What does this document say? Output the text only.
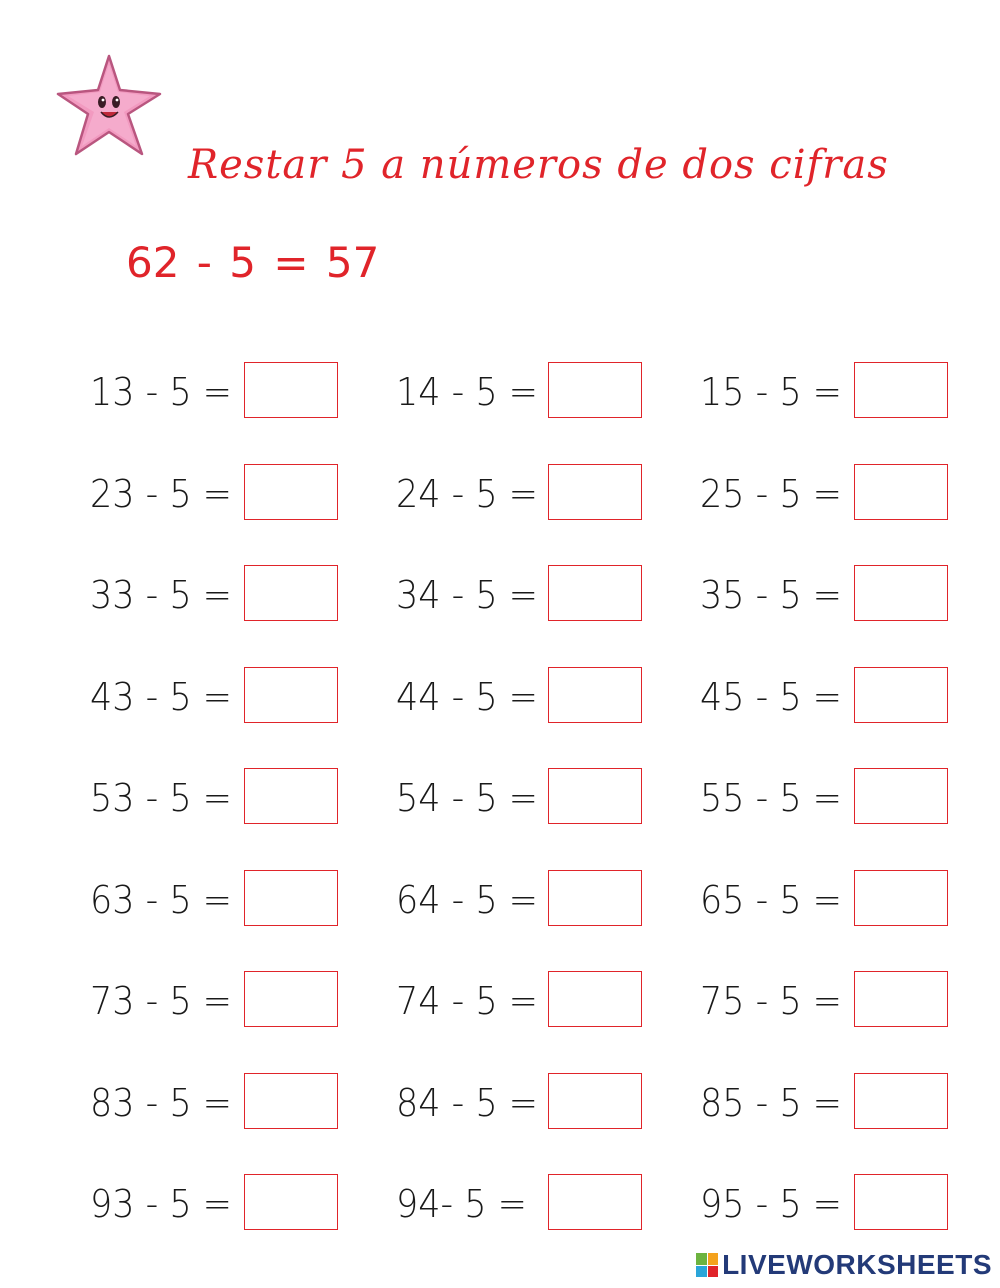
Restar 5 a números de dos cifras
62 - 5 = 57
13 - 5 =	14 - 5 =	15 - 5 =
23 - 5 =	24 - 5 =	25 - 5 =
33 - 5 =	34 - 5 =	35 - 5 =
43 - 5 =	44 - 5 =	45 - 5 =
53 - 5 =	54 - 5 =	55 - 5 =
63 - 5 =	64 - 5 =	65 - 5 =
73 - 5 =	74 - 5 =	75 - 5 =
83 - 5 =	84 - 5 =	85 - 5 =
93 - 5 =	94- 5 =	95 - 5 =
LIVEWORKSHEETS
